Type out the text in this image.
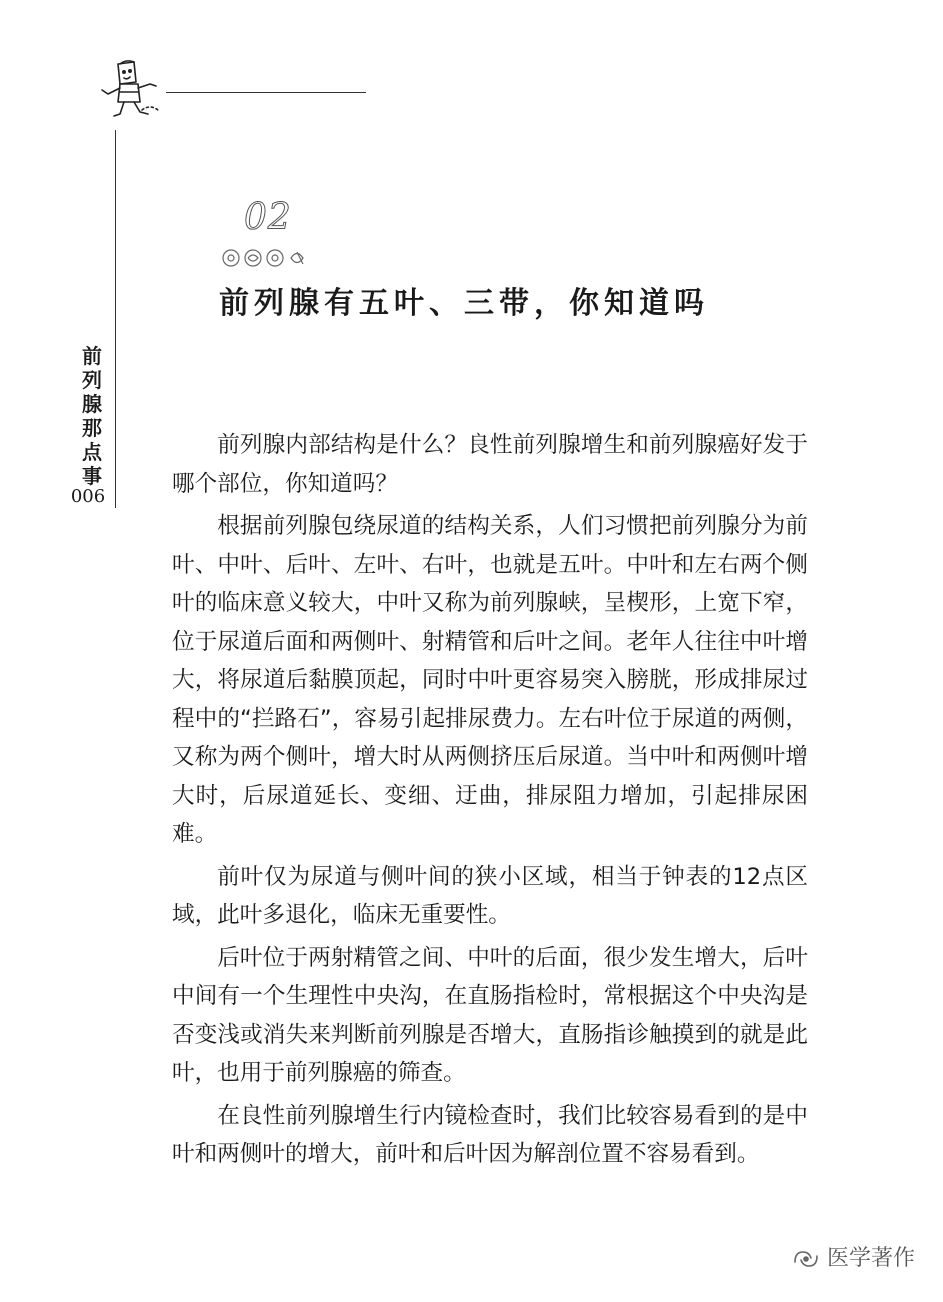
前列腺那点事
006
02
前列腺有五叶、三带，你知道吗

前列腺内部结构是什么？良性前列腺增生和前列腺癌好发于哪个部位，你知道吗？

根据前列腺包绕尿道的结构关系，人们习惯把前列腺分为前叶、中叶、后叶、左叶、右叶，也就是五叶。中叶和左右两个侧叶的临床意义较大，中叶又称为前列腺峡，呈楔形，上宽下窄，位于尿道后面和两侧叶、射精管和后叶之间。老年人往往中叶增大，将尿道后黏膜顶起，同时中叶更容易突入膀胱，形成排尿过程中的“拦路石”，容易引起排尿费力。左右叶位于尿道的两侧，又称为两个侧叶，增大时从两侧挤压后尿道。当中叶和两侧叶增大时，后尿道延长、变细、迂曲，排尿阻力增加，引起排尿困难。

前叶仅为尿道与侧叶间的狭小区域，相当于钟表的12点区域，此叶多退化，临床无重要性。

后叶位于两射精管之间、中叶的后面，很少发生增大，后叶中间有一个生理性中央沟，在直肠指检时，常根据这个中央沟是否变浅或消失来判断前列腺是否增大，直肠指诊触摸到的就是此叶，也用于前列腺癌的筛查。

在良性前列腺增生行内镜检查时，我们比较容易看到的是中叶和两侧叶的增大，前叶和后叶因为解剖位置不容易看到。

医学著作
